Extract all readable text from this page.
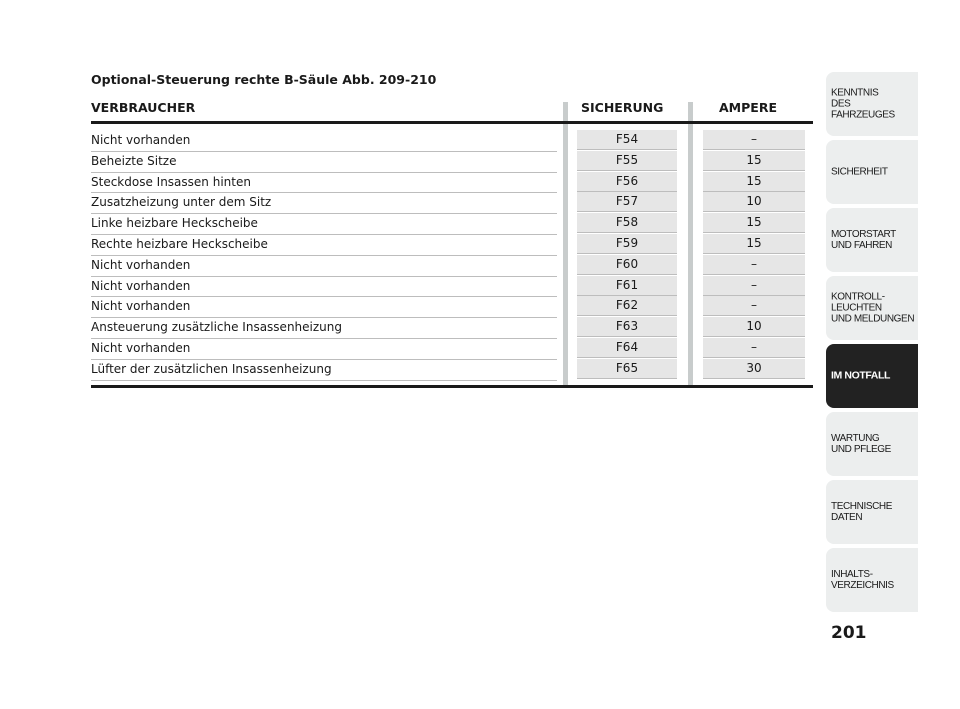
Optional-Steuerung rechte B-Säule Abb. 209-210
VERBRAUCHER	SICHERUNG	AMPERE
Nicht vorhanden	F54	–
Beheizte Sitze	F55	15
Steckdose Insassen hinten	F56	15
Zusatzheizung unter dem Sitz	F57	10
Linke heizbare Heckscheibe	F58	15
Rechte heizbare Heckscheibe	F59	15
Nicht vorhanden	F60	–
Nicht vorhanden	F61	–
Nicht vorhanden	F62	–
Ansteuerung zusätzliche Insassenheizung	F63	10
Nicht vorhanden	F64	–
Lüfter der zusätzlichen Insassenheizung	F65	30
KENNTNIS
DES FAHRZEUGES
SICHERHEIT
MOTORSTART
UND FAHREN
KONTROLL-
LEUCHTEN
UND MELDUNGEN
IM NOTFALL
WARTUNG
UND PFLEGE
TECHNISCHE
DATEN
INHALTS-
VERZEICHNIS
201
